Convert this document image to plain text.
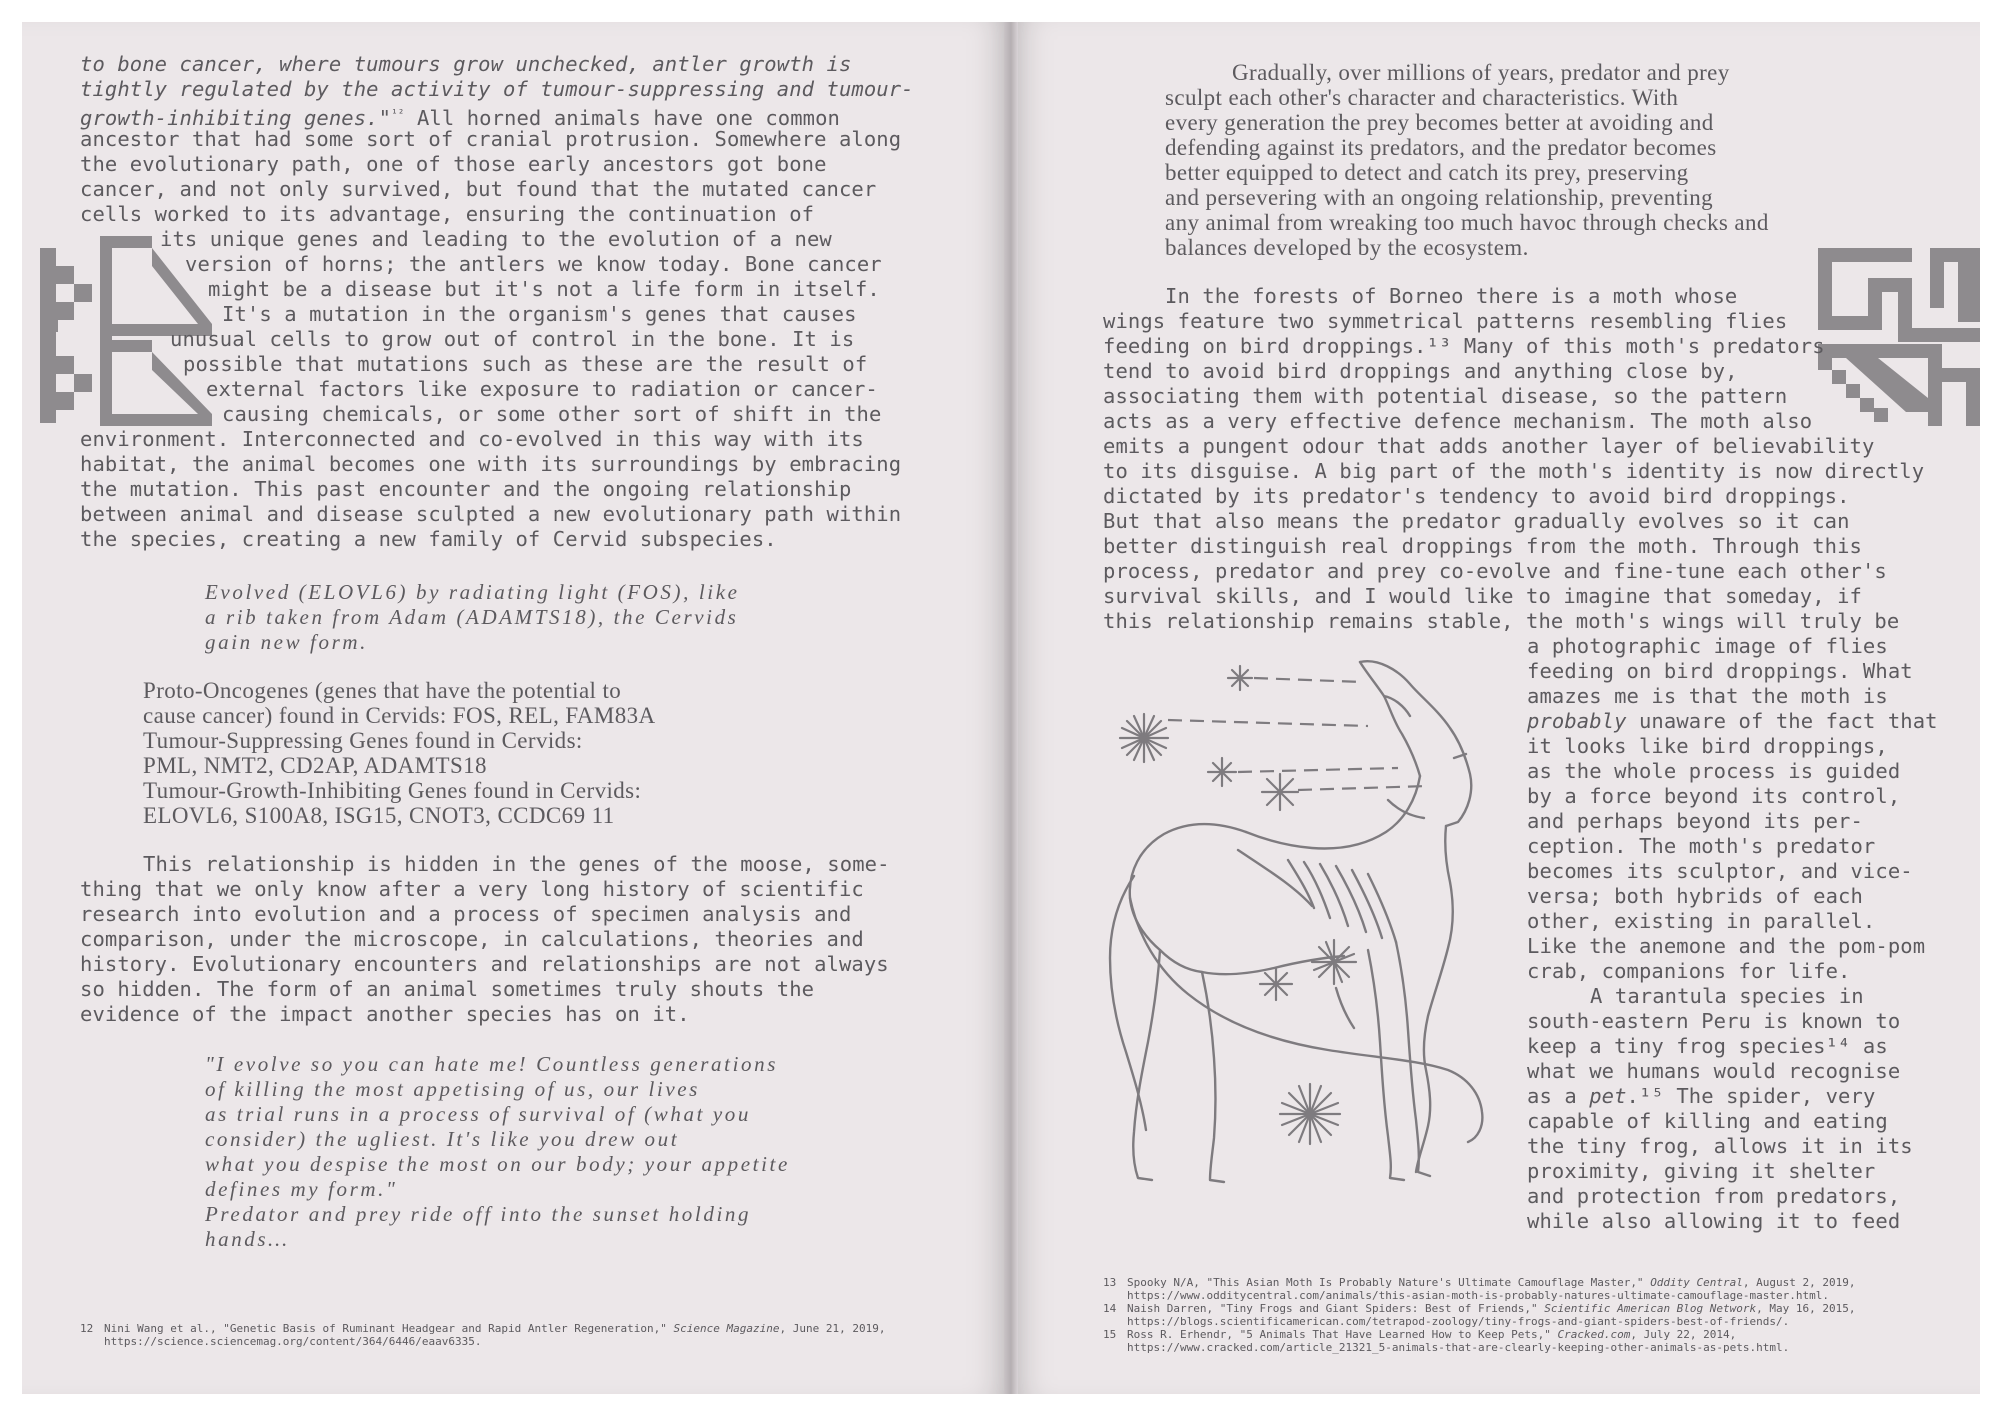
to bone cancer, where tumours grow unchecked, antler growth is

tightly regulated by the activity of tumour-suppressing and tumour-

growth-inhibiting genes."$^{^{12}}$ All horned animals have one common

ancestor that had some sort of cranial protrusion. Somewhere along

the evolutionary path, one of those early ancestors got bone

cancer, and not only survived, but found that the mutated cancer

cells worked to its advantage, ensuring the continuation of

its unique genes and leading to the evolution of a new

version of horns; the antlers we know today. Bone cancer

might be a disease but it's not a life form in itself.

It's a mutation in the organism's genes that causes

unusual cells to grow out of control in the bone. It is

possible that mutations such as these are the result of

external factors like exposure to radiation or cancer-

causing chemicals, or some other sort of shift in the

environment. Interconnected and co-evolved in this way with its

habitat, the animal becomes one with its surroundings by embracing

the mutation. This past encounter and the ongoing relationship

between animal and disease sculpted a new evolutionary path within

the species, creating a new family of Cervid subspecies.

Evolved (ELOVL6) by radiating light (FOS), like

a rib taken from Adam (ADAMTS18), the Cervids

gain new form.

Proto-Oncogenes (genes that have the potential to

cause cancer) found in Cervids: FOS, REL, FAM83A

Tumour-Suppressing Genes found in Cervids:

PML, NMT2, CD2AP, ADAMTS18

Tumour-Growth-Inhibiting Genes found in Cervids:

ELOVL6, S100A8, ISG15, CNOT3, CCDC69 11

This relationship is hidden in the genes of the moose, some-

thing that we only know after a very long history of scientific

research into evolution and a process of specimen analysis and

comparison, under the microscope, in calculations, theories and

history. Evolutionary encounters and relationships are not always

so hidden. The form of an animal sometimes truly shouts the

evidence of the impact another species has on it.

"I evolve so you can hate me! Countless generations

of killing the most appetising of us, our lives

as trial runs in a process of survival of (what you

consider) the ugliest. It's like you drew out

what you despise the most on our body; your appetite

defines my form."

Predator and prey ride off into the sunset holding

hands…

12 Nini Wang et al., "Genetic Basis of Ruminant Headgear and Rapid Antler Regeneration," Science Magazine, June 21, 2019,

https://science.sciencemag.org/content/364/6446/eaav6335.

Gradually, over millions of years, predator and prey

sculpt each other's character and characteristics. With

every generation the prey becomes better at avoiding and

defending against its predators, and the predator becomes

better equipped to detect and catch its prey, preserving

and persevering with an ongoing relationship, preventing

any animal from wreaking too much havoc through checks and

balances developed by the ecosystem.

In the forests of Borneo there is a moth whose

wings feature two symmetrical patterns resembling flies

feeding on bird droppings.¹³ Many of this moth's predators

tend to avoid bird droppings and anything close by,

associating them with potential disease, so the pattern

acts as a very effective defence mechanism. The moth also

emits a pungent odour that adds another layer of believability

to its disguise. A big part of the moth's identity is now directly

dictated by its predator's tendency to avoid bird droppings.

But that also means the predator gradually evolves so it can

better distinguish real droppings from the moth. Through this

process, predator and prey co-evolve and fine-tune each other's

survival skills, and I would like to imagine that someday, if

this relationship remains stable, the moth's wings will truly be

a photographic image of flies

feeding on bird droppings. What

amazes me is that the moth is

probably unaware of the fact that

it looks like bird droppings,

as the whole process is guided

by a force beyond its control,

and perhaps beyond its per-

ception. The moth's predator

becomes its sculptor, and vice-

versa; both hybrids of each

other, existing in parallel.

Like the anemone and the pom-pom

crab, companions for life.

A tarantula species in

south-eastern Peru is known to

keep a tiny frog species¹⁴ as

what we humans would recognise

as a pet.¹⁵ The spider, very

capable of killing and eating

the tiny frog, allows it in its

proximity, giving it shelter

and protection from predators,

while also allowing it to feed

13 Spooky N/A, "This Asian Moth Is Probably Nature's Ultimate Camouflage Master," Oddity Central, August 2, 2019,

https://www.odditycentral.com/animals/this-asian-moth-is-probably-natures-ultimate-camouflage-master.html.

14 Naish Darren, "Tiny Frogs and Giant Spiders: Best of Friends," Scientific American Blog Network, May 16, 2015,

https://blogs.scientificamerican.com/tetrapod-zoology/tiny-frogs-and-giant-spiders-best-of-friends/.

15 Ross R. Erhendr, "5 Animals That Have Learned How to Keep Pets," Cracked.com, July 22, 2014,

https://www.cracked.com/article_21321_5-animals-that-are-clearly-keeping-other-animals-as-pets.html.
